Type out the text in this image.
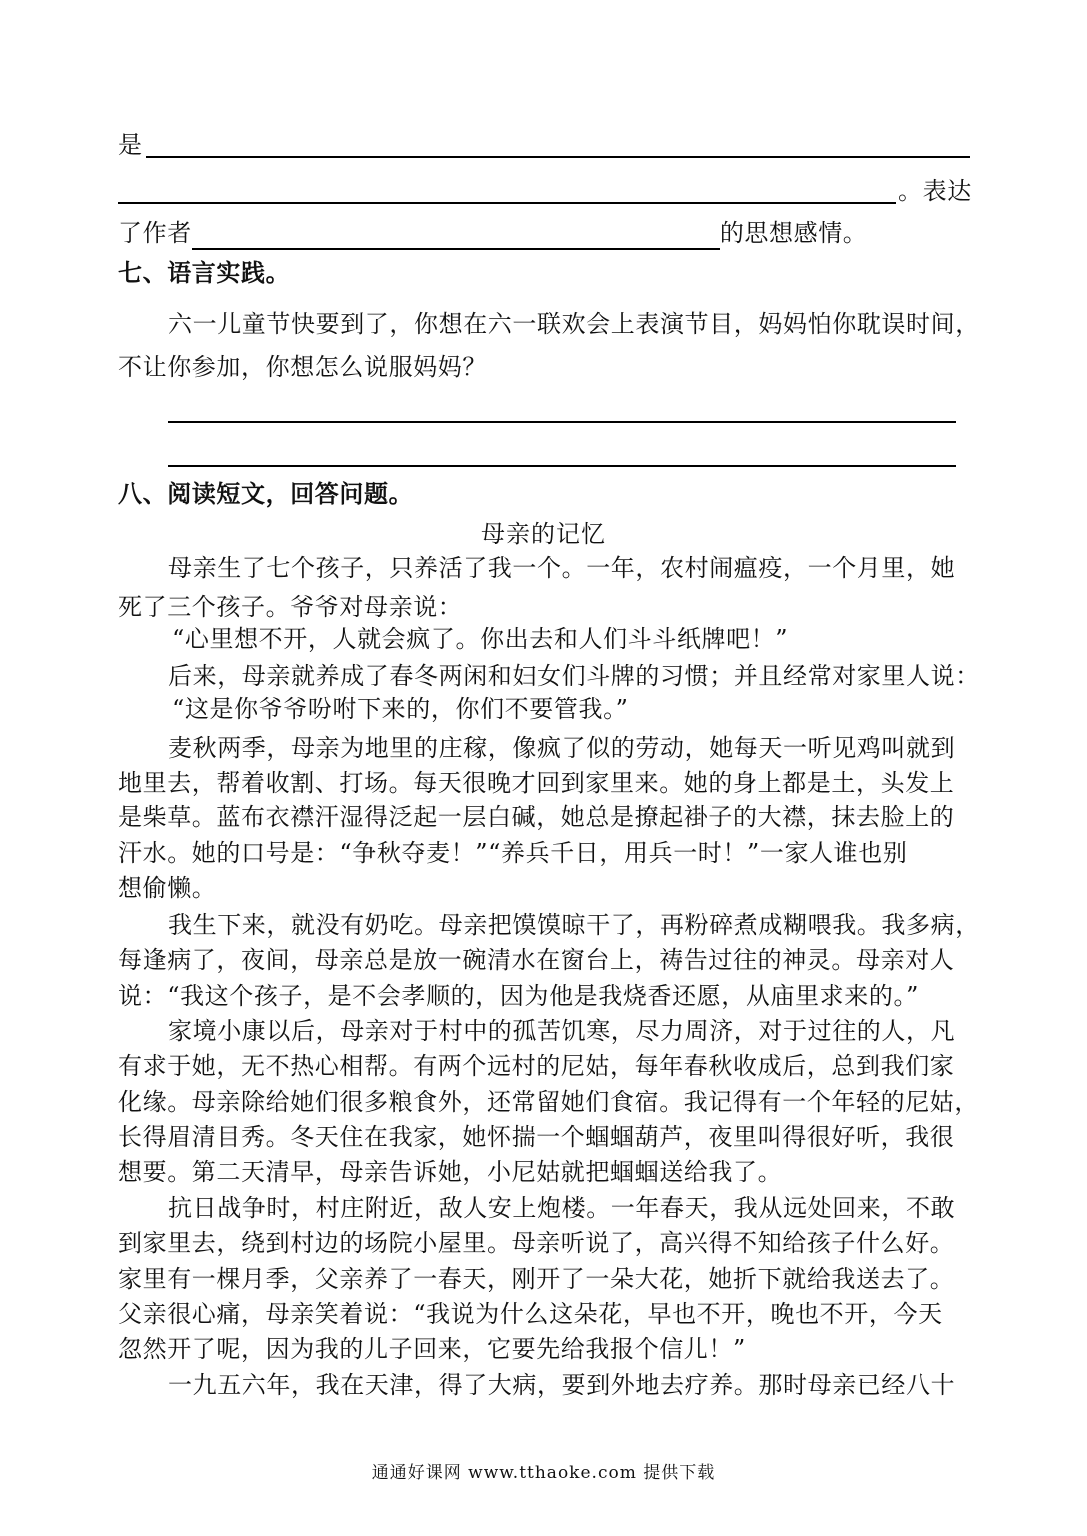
是
。表达
了作者	的思想感情。
七、语言实践。
六一儿童节快要到了，你想在六一联欢会上表演节目，妈妈怕你耽误时间，
不让你参加，你想怎么说服妈妈？
八、阅读短文，回答问题。
母亲的记忆
母亲生了七个孩子，只养活了我一个。一年，农村闹瘟疫，一个月里，她
死了三个孩子。爷爷对母亲说：
“心里想不开，人就会疯了。你出去和人们斗斗纸牌吧！”
后来，母亲就养成了春冬两闲和妇女们斗牌的习惯；并且经常对家里人说：
“这是你爷爷吩咐下来的，你们不要管我。”
麦秋两季，母亲为地里的庄稼，像疯了似的劳动，她每天一听见鸡叫就到
地里去，帮着收割、打场。每天很晚才回到家里来。她的身上都是土，头发上
是柴草。蓝布衣襟汗湿得泛起一层白碱，她总是撩起褂子的大襟，抹去脸上的
汗水。她的口号是：“争秋夺麦！”“养兵千日，用兵一时！”一家人谁也别
想偷懒。
我生下来，就没有奶吃。母亲把馍馍晾干了，再粉碎煮成糊喂我。我多病，
每逢病了，夜间，母亲总是放一碗清水在窗台上，祷告过往的神灵。母亲对人
说：“我这个孩子，是不会孝顺的，因为他是我烧香还愿，从庙里求来的。”
家境小康以后，母亲对于村中的孤苦饥寒，尽力周济，对于过往的人，凡
有求于她，无不热心相帮。有两个远村的尼姑，每年春秋收成后，总到我们家
化缘。母亲除给她们很多粮食外，还常留她们食宿。我记得有一个年轻的尼姑，
长得眉清目秀。冬天住在我家，她怀揣一个蝈蝈葫芦，夜里叫得很好听，我很
想要。第二天清早，母亲告诉她，小尼姑就把蝈蝈送给我了。
抗日战争时，村庄附近，敌人安上炮楼。一年春天，我从远处回来，不敢
到家里去，绕到村边的场院小屋里。母亲听说了，高兴得不知给孩子什么好。
家里有一棵月季，父亲养了一春天，刚开了一朵大花，她折下就给我送去了。
父亲很心痛，母亲笑着说：“我说为什么这朵花，早也不开，晚也不开，今天
忽然开了呢，因为我的儿子回来，它要先给我报个信儿！”
一九五六年，我在天津，得了大病，要到外地去疗养。那时母亲已经八十
通通好课网 www.tthaoke.com 提供下载
